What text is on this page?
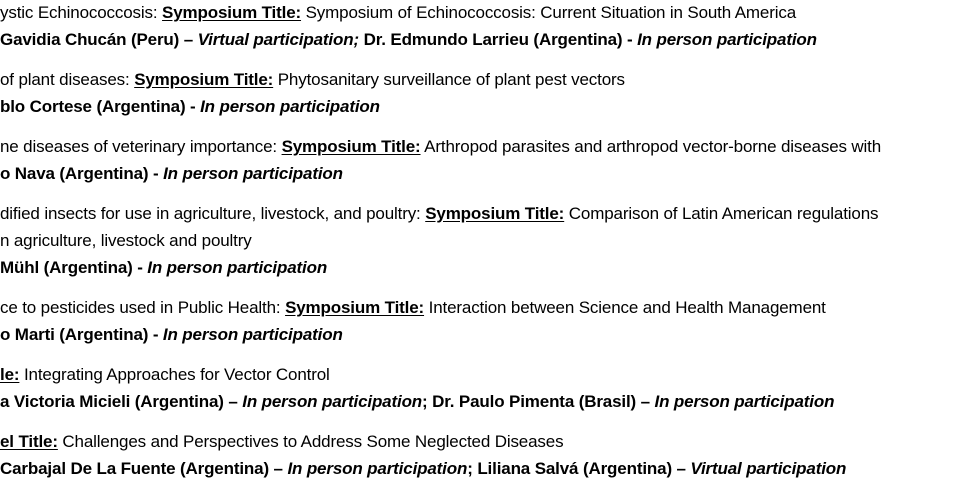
ystic Echinococcosis: Symposium Title: Symposium of Echinococcosis: Current Situation in South America
Gavidia Chucán (Peru) – Virtual participation; Dr. Edmundo Larrieu (Argentina) - In person participation
of plant diseases: Symposium Title: Phytosanitary surveillance of plant pest vectors
blo Cortese (Argentina) - In person participation
ne diseases of veterinary importance: Symposium Title: Arthropod parasites and arthropod vector-borne diseases with
o Nava (Argentina) - In person participation
dified insects for use in agriculture, livestock, and poultry: Symposium Title: Comparison of Latin American regulations
n agriculture, livestock and poultry
Mühl (Argentina) - In person participation
ce to pesticides used in Public Health: Symposium Title: Interaction between Science and Health Management
o Marti (Argentina) - In person participation
le: Integrating Approaches for Vector Control
a Victoria Micieli (Argentina) – In person participation; Dr. Paulo Pimenta (Brasil) – In person participation
el Title: Challenges and Perspectives to Address Some Neglected Diseases
Carbajal De La Fuente (Argentina) – In person participation; Liliana Salvá (Argentina) – Virtual participation
